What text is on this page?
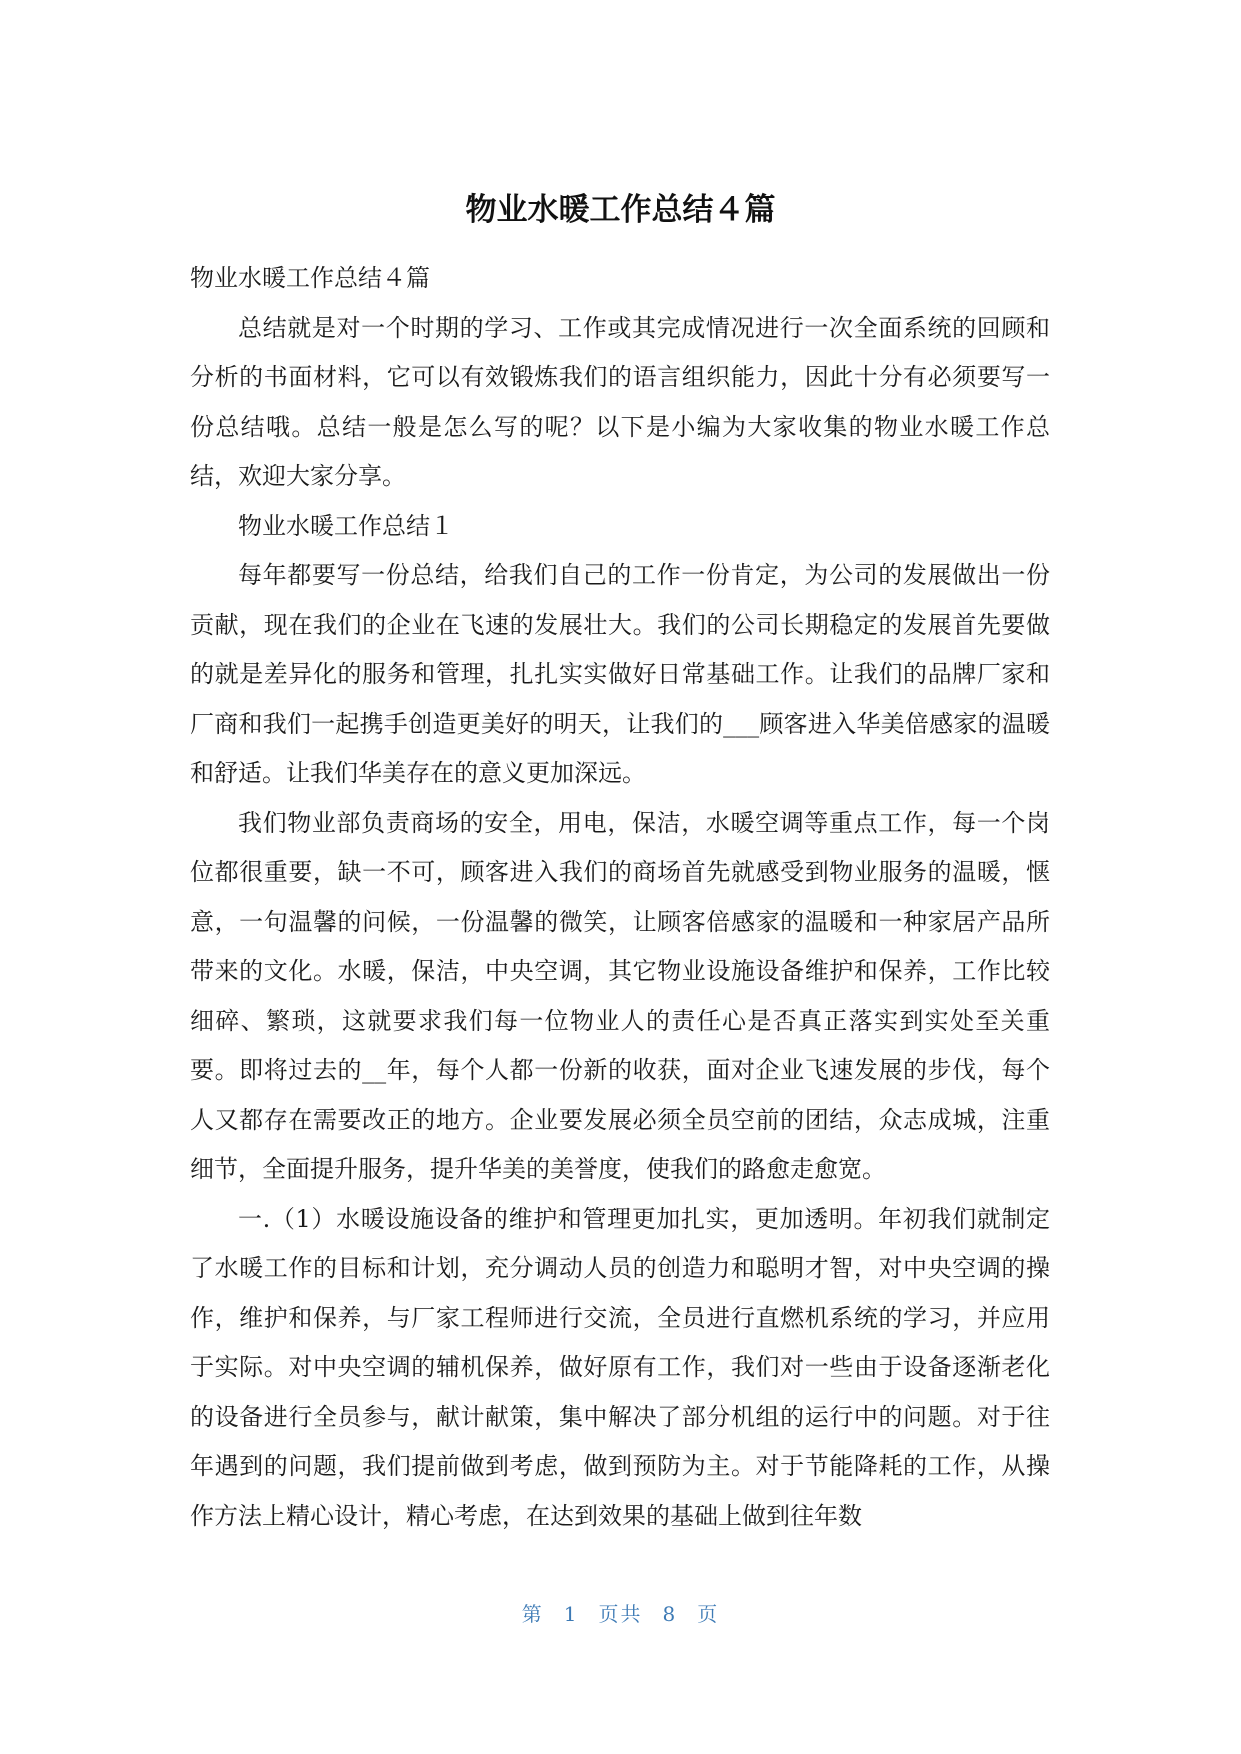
物业水暖工作总结４篇

物业水暖工作总结４篇

总结就是对一个时期的学习、工作或其完成情况进行一次全面系统的回顾和分析的书面材料，它可以有效锻炼我们的语言组织能力，因此十分有必须要写一份总结哦。总结一般是怎么写的呢？以下是小编为大家收集的物业水暖工作总结，欢迎大家分享。

物业水暖工作总结１

每年都要写一份总结，给我们自己的工作一份肯定，为公司的发展做出一份贡献，现在我们的企业在飞速的发展壮大。我们的公司长期稳定的发展首先要做的就是差异化的服务和管理，扎扎实实做好日常基础工作。让我们的品牌厂家和厂商和我们一起携手创造更美好的明天，让我们的___顾客进入华美倍感家的温暖和舒适。让我们华美存在的意义更加深远。

我们物业部负责商场的安全，用电，保洁，水暖空调等重点工作，每一个岗位都很重要，缺一不可，顾客进入我们的商场首先就感受到物业服务的温暖，惬意，一句温馨的问候，一份温馨的微笑，让顾客倍感家的温暖和一种家居产品所带来的文化。水暖，保洁，中央空调，其它物业设施设备维护和保养，工作比较细碎、繁琐，这就要求我们每一位物业人的责任心是否真正落实到实处至关重要。即将过去的__年，每个人都一份新的收获，面对企业飞速发展的步伐，每个人又都存在需要改正的地方。企业要发展必须全员空前的团结，众志成城，注重细节，全面提升服务，提升华美的美誉度，使我们的路愈走愈宽。

一.（1）水暖设施设备的维护和管理更加扎实，更加透明。年初我们就制定了水暖工作的目标和计划，充分调动人员的创造力和聪明才智，对中央空调的操作，维护和保养，与厂家工程师进行交流，全员进行直燃机系统的学习，并应用于实际。对中央空调的辅机保养，做好原有工作，我们对一些由于设备逐渐老化的设备进行全员参与，献计献策，集中解决了部分机组的运行中的问题。对于往年遇到的问题，我们提前做到考虑，做到预防为主。对于节能降耗的工作，从操作方法上精心设计，精心考虑，在达到效果的基础上做到往年数

第 1 页共 8 页
